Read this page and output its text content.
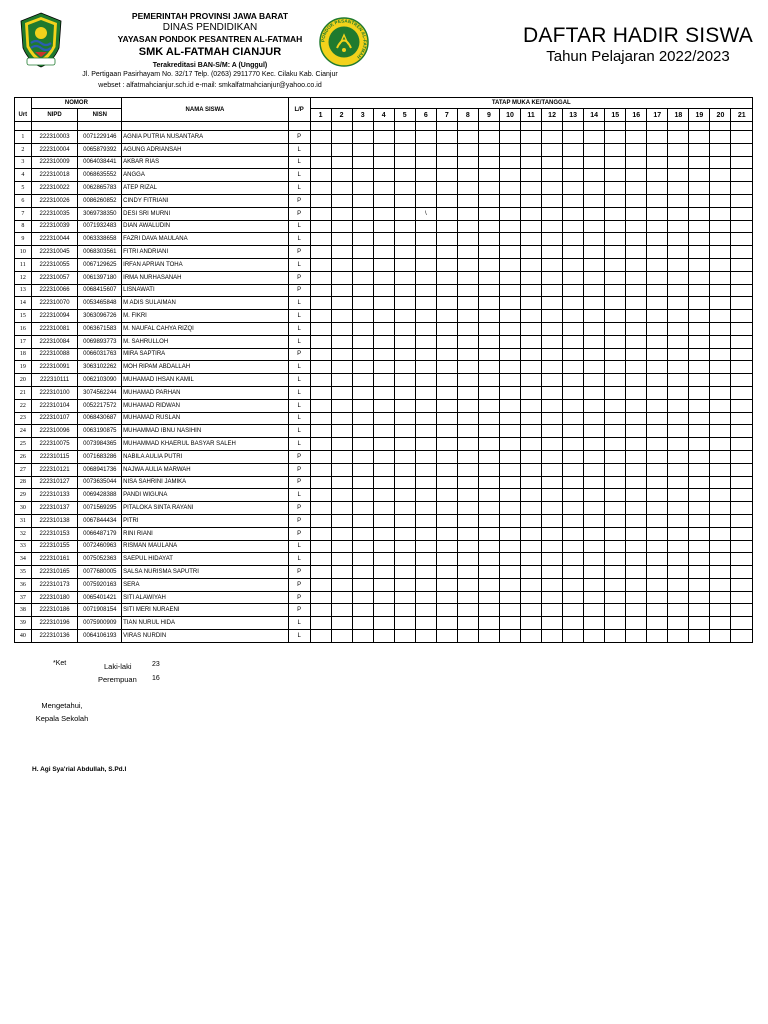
PEMERINTAH PROVINSI JAWA BARAT
DINAS PENDIDIKAN
YAYASAN PONDOK PESANTREN AL-FATMAH
SMK AL-FATMAH CIANJUR
Terakreditasi BAN-S/M: A (Unggul)
Jl. Pertigaan Pasirhayam No. 32/17 Telp. (0263) 2911770 Kec. Cilaku Kab. Cianjur
webset : alfatmahcianjur.sch.id e-mail: smkalfatmahcianjur@yahoo.co.id
PONDOK PESANTREN AL-FATMAH
DAFTAR HADIR SISWA
Tahun Pelajaran 2022/2023
	NOMOR		NAMA SISWA	L/P	TATAP MUKA KE/TANGGAL																				
Urt	NIPD	NISN			1	2	3	4	5	6	7	8	9	10	11	12	13	14	15	16	17	18	19	20	21

1	222310003	0071229146	AGNIA PUTRIA NUSANTARA	P																					
2	222310004	0065879392	AGUNG ADRIANSAH	L																					
3	222310009	0064038441	AKBAR RIAS	L																					
4	222310018	0068635552	ANGGA	L																					
5	222310022	0062865783	ATEP RIZAL	L																					
6	222310026	0086260852	CINDY FITRIANI	P																					
7	222310035	3069738350	DESI SRI MURNI	P						\															
8	222310039	0071932483	DIAN AWALUDIN	L																					
9	222310044	0063338658	FAZRI DAVA MAULANA	L																					
10	222310045	0068303561	FITRI ANDRIANI	P																					
11	222310055	0067129625	IRFAN APRIAN TOHA	L																					
12	222310057	0061397180	IRMA NURHASANAH	P																					
13	222310066	0068415607	LISNAWATI	P																					
14	222310070	0053465848	M ADIS SULAIMAN	L																					
15	222310094	3063096726	M. FIKRI	L																					
16	222310081	0063671583	M. NAUFAL CAHYA RIZQI	L																					
17	222310084	0069893773	M. SAHRULLOH	L																					
18	222310088	0066031763	MIRA SAPTIRA	P																					
19	222310091	3063102262	MOH RIPAM ABDALLAH	L																					
20	222310111	0062103090	MUHAMAD IHSAN KAMIL	L																					
21	222310100	3074562244	MUHAMAD PARHAN	L																					
22	222310104	0052217572	MUHAMAD RIDWAN	L																					
23	222310107	0068430687	MUHAMAD RUSLAN	L																					
24	222310096	0063190875	MUHAMMAD IBNU NASIHIN	L																					
25	222310075	0073984365	MUHAMMAD KHAERUL BASYAR SALEH	L																					
26	222310115	0071683286	NABILA AULIA PUTRI	P																					
27	222310121	0068941736	NAJWA AULIA MARWAH	P																					
28	222310127	0073635044	NISA SAHRINI JAMIKA	P																					
29	222310133	0069428388	PANDI WIGUNA	L																					
30	222310137	0071569295	PITALOKA SINTA RAYANI	P																					
31	222310138	0067844434	PITRI	P																					
32	222310153	0066487179	RINI RIANI	P																					
33	222310155	0072460963	RISMAN MAULANA	L																					
34	222310161	0075052363	SAEPUL HIDAYAT	L																					
35	222310165	0077680005	SALSA NURISMA SAPUTRI	P																					
36	222310173	0075920163	SERA	P																					
37	222310180	0065401421	SITI ALAWIYAH	P																					
38	222310186	0071908154	SITI MERI NURAENI	P																					
39	222310196	0075900909	TIAN NURUL HIDA	L																					
40	222310136	0064106193	VIRAS NURDIN	L																					
*Ket	Laki-laki	23
Perempuan 16
Mengetahui,
Kepala Sekolah
H. Agi Sya'rial Abdullah, S.Pd.I
